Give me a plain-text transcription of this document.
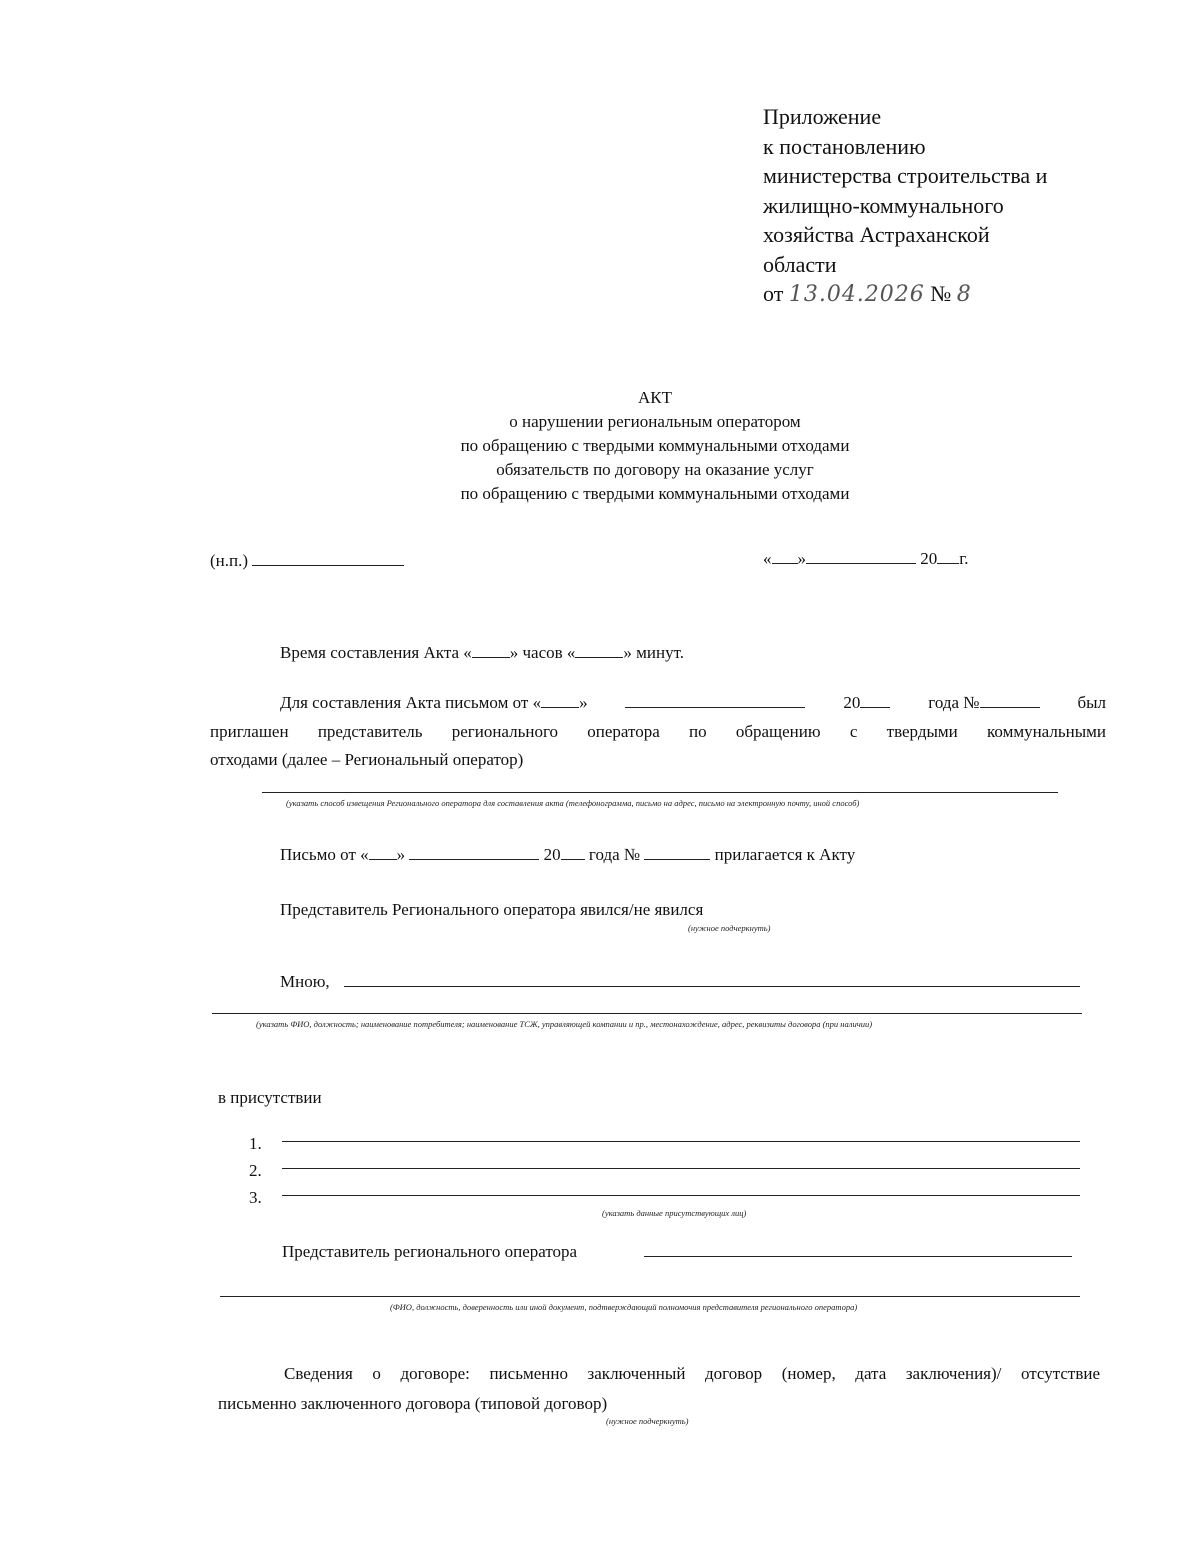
Приложение
к постановлению
министерства строительства и
жилищно-коммунального
хозяйства Астраханской
области
от 13.04.2026 № 8
АКТ
о нарушении региональным оператором
по обращению с твердыми коммунальными отходами
обязательств по договору на оказание услуг
по обращению с твердыми коммунальными отходами
(н.п.)	« »	20 г.
Время составления Акта « » часов «	» минут.
Для составления Акта письмом от « »	20	года №	был
приглашен представитель регионального оператора по обращению с твердыми коммунальными
отходами (далее – Региональный оператор)
(указать способ извещения Регионального оператора для составления акта (телефонограмма, письмо на адрес, письмо на электронную почту, иной способ)
Письмо от « »	20 года №	прилагается к Акту
Представитель Регионального оператора явился/не явился
(нужное подчеркнуть)
Мною,
(указать ФИО, должность; наименование потребителя; наименование ТСЖ, управляющей компании и пр., местонахождение, адрес, реквизиты договора (при наличии)
в присутствии
1.
2.
3.
(указать данные присутствующих лиц)
Представитель регионального оператора
(ФИО, должность, доверенность или иной документ, подтверждающий полномочия представителя регионального оператора)
Сведения о договоре: письменно заключенный договор (номер, дата заключения)/ отсутствие
письменно заключенного договора (типовой договор)
(нужное подчеркнуть)
